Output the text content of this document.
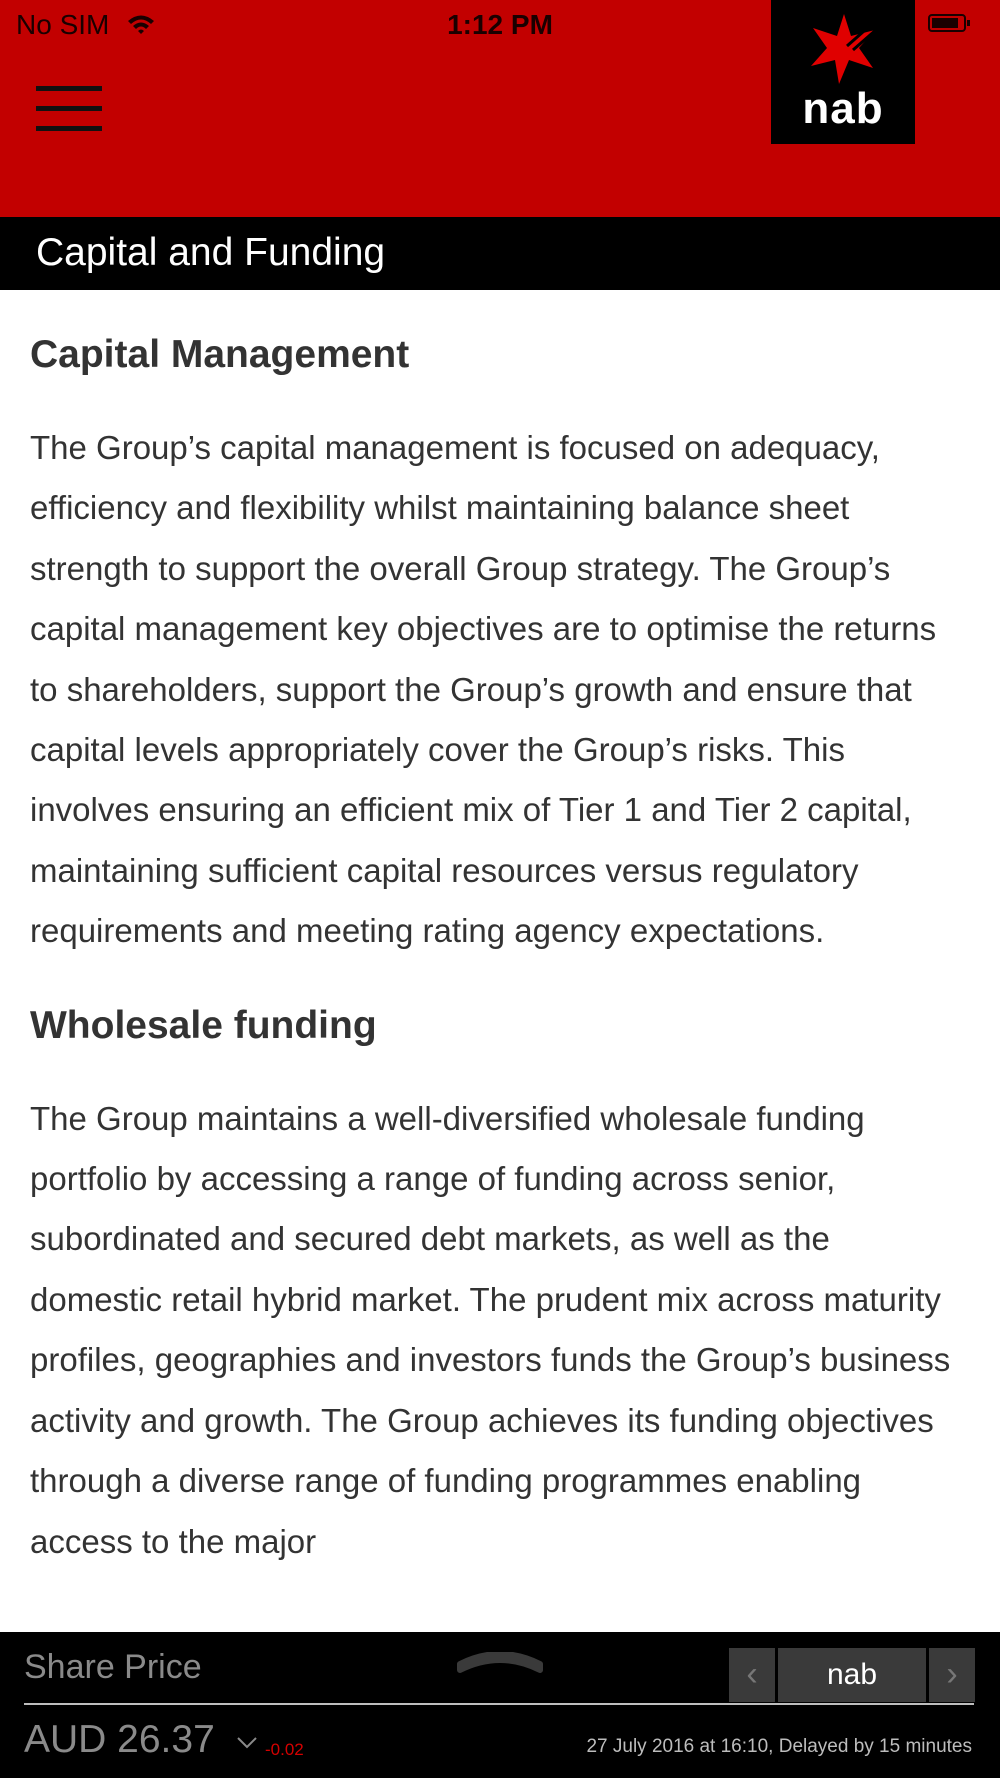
No SIM	1:12 PM
nab
Capital and Funding
Capital Management

The Group’s capital management is focused on adequacy, efficiency and flexibility whilst maintaining balance sheet strength to support the overall Group strategy. The Group’s capital management key objectives are to optimise the returns to shareholders, support the Group’s growth and ensure that capital levels appropriately cover the Group’s risks. This involves ensuring an efficient mix of Tier 1 and Tier 2 capital, maintaining sufficient capital resources versus regulatory requirements and meeting rating agency expectations.

Wholesale funding

The Group maintains a well-diversified wholesale funding portfolio by accessing a range of funding across senior, subordinated and secured debt markets, as well as the domestic retail hybrid market. The prudent mix across maturity profiles, geographies and investors funds the Group’s business activity and growth. The Group achieves its funding objectives through a diverse range of funding programmes enabling access to the major

Share Price	‹	nab	›
AUD 26.37	-0.02	27 July 2016 at 16:10, Delayed by 15 minutes
